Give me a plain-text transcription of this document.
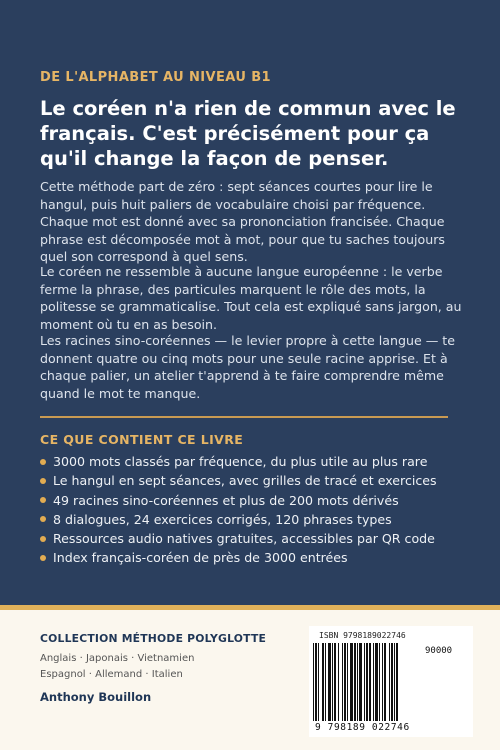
DE L'ALPHABET AU NIVEAU B1
Le coréen n'a rien de commun avec le français. C'est précisément pour ça qu'il change la façon de penser.

Cette méthode part de zéro : sept séances courtes pour lire le hangul, puis huit paliers de vocabulaire choisi par fréquence. Chaque mot est donné avec sa prononciation francisée. Chaque phrase est décomposée mot à mot, pour que tu saches toujours quel son correspond à quel sens.

Le coréen ne ressemble à aucune langue européenne : le verbe ferme la phrase, des particules marquent le rôle des mots, la politesse se grammaticalise. Tout cela est expliqué sans jargon, au moment où tu en as besoin.

Les racines sino-coréennes — le levier propre à cette langue — te donnent quatre ou cinq mots pour une seule racine apprise. Et à chaque palier, un atelier t'apprend à te faire comprendre même quand le mot te manque.

CE QUE CONTIENT CE LIVRE
3000 mots classés par fréquence, du plus utile au plus rare
Le hangul en sept séances, avec grilles de tracé et exercices
49 racines sino-coréennes et plus de 200 mots dérivés
8 dialogues, 24 exercices corrigés, 120 phrases types
Ressources audio natives gratuites, accessibles par QR code
Index français-coréen de près de 3000 entrées
COLLECTION MÉTHODE POLYGLOTTE
Anglais · Japonais · Vietnamien
Espagnol · Allemand · Italien
Anthony Bouillon
ISBN 9798189022746
90000
9 798189 022746
